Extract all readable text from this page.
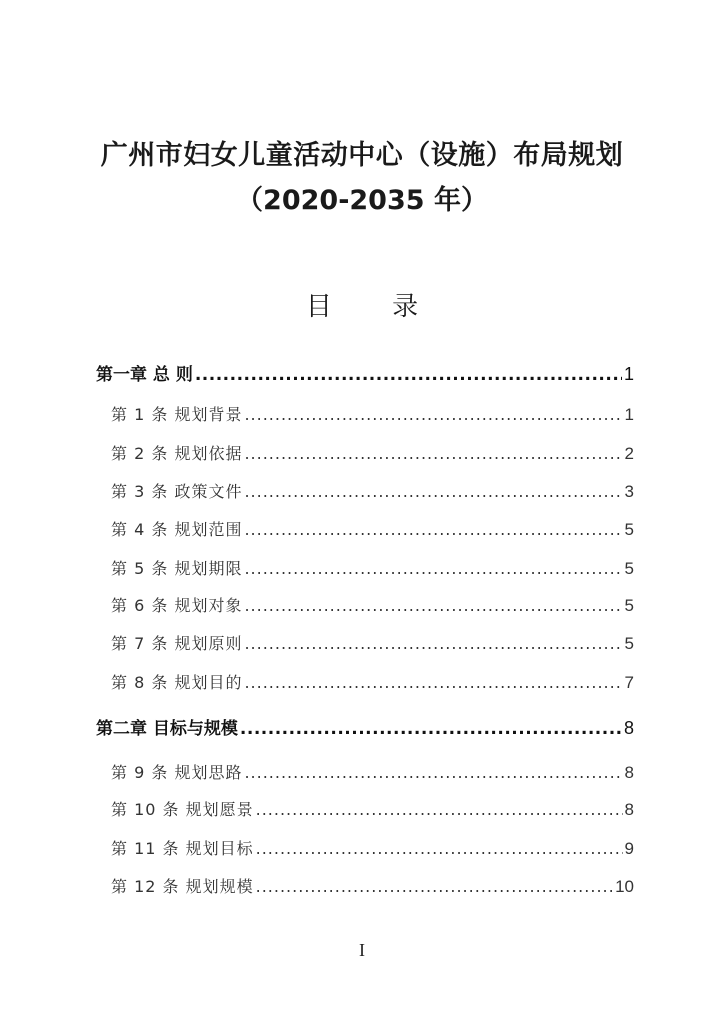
广州市妇女儿童活动中心（设施）布局规划
（2020-2035 年）
目 录
第一章 总 则 .....	1
第 1 条 规划背景 .....	1
第 2 条 规划依据 .....	2
第 3 条 政策文件 .....	3
第 4 条 规划范围 .....	5
第 5 条 规划期限 .....	5
第 6 条 规划对象 .....	5
第 7 条 规划原则 .....	5
第 8 条 规划目的 .....	7
第二章 目标与规模 .....	8
第 9 条 规划思路 .....	8
第 10 条 规划愿景 .....	8
第 11 条 规划目标 .....	9
第 12 条 规划规模 .....	10
I
